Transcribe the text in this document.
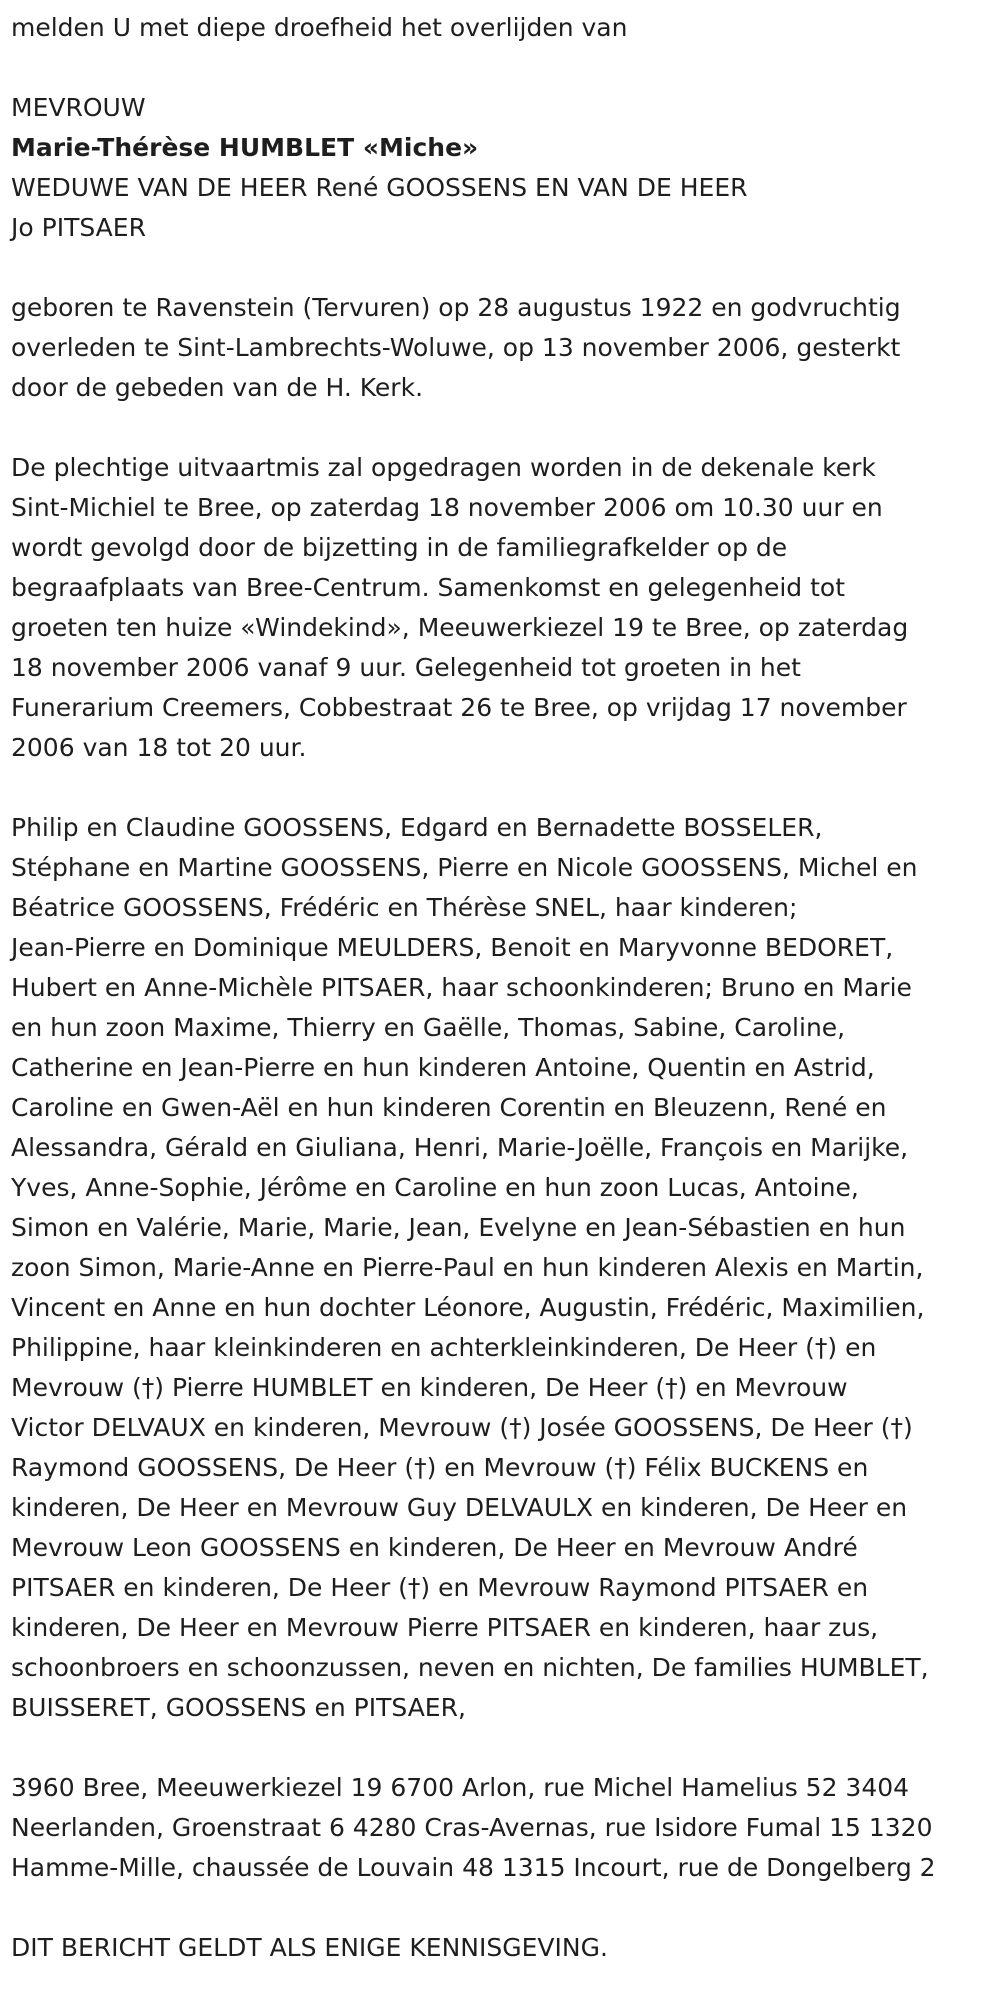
melden U met diepe droefheid het overlijden van
MEVROUW
Marie-Thérèse HUMBLET «Miche»
WEDUWE VAN DE HEER René GOOSSENS EN VAN DE HEER
Jo PITSAER
geboren te Ravenstein (Tervuren) op 28 augustus 1922 en godvruchtig
overleden te Sint-Lambrechts-Woluwe, op 13 november 2006, gesterkt
door de gebeden van de H. Kerk.
De plechtige uitvaartmis zal opgedragen worden in de dekenale kerk
Sint-Michiel te Bree, op zaterdag 18 november 2006 om 10.30 uur en
wordt gevolgd door de bijzetting in de familiegrafkelder op de
begraafplaats van Bree-Centrum. Samenkomst en gelegenheid tot
groeten ten huize «Windekind», Meeuwerkiezel 19 te Bree, op zaterdag
18 november 2006 vanaf 9 uur. Gelegenheid tot groeten in het
Funerarium Creemers, Cobbestraat 26 te Bree, op vrijdag 17 november
2006 van 18 tot 20 uur.
Philip en Claudine GOOSSENS, Edgard en Bernadette BOSSELER,
Stéphane en Martine GOOSSENS, Pierre en Nicole GOOSSENS, Michel en
Béatrice GOOSSENS, Frédéric en Thérèse SNEL, haar kinderen;
Jean-Pierre en Dominique MEULDERS, Benoit en Maryvonne BEDORET,
Hubert en Anne-Michèle PITSAER, haar schoonkinderen; Bruno en Marie
en hun zoon Maxime, Thierry en Gaëlle, Thomas, Sabine, Caroline,
Catherine en Jean-Pierre en hun kinderen Antoine, Quentin en Astrid,
Caroline en Gwen-Aël en hun kinderen Corentin en Bleuzenn, René en
Alessandra, Gérald en Giuliana, Henri, Marie-Joëlle, François en Marijke,
Yves, Anne-Sophie, Jérôme en Caroline en hun zoon Lucas, Antoine,
Simon en Valérie, Marie, Marie, Jean, Evelyne en Jean-Sébastien en hun
zoon Simon, Marie-Anne en Pierre-Paul en hun kinderen Alexis en Martin,
Vincent en Anne en hun dochter Léonore, Augustin, Frédéric, Maximilien,
Philippine, haar kleinkinderen en achterkleinkinderen, De Heer (†) en
Mevrouw (†) Pierre HUMBLET en kinderen, De Heer (†) en Mevrouw
Victor DELVAUX en kinderen, Mevrouw (†) Josée GOOSSENS, De Heer (†)
Raymond GOOSSENS, De Heer (†) en Mevrouw (†) Félix BUCKENS en
kinderen, De Heer en Mevrouw Guy DELVAULX en kinderen, De Heer en
Mevrouw Leon GOOSSENS en kinderen, De Heer en Mevrouw André
PITSAER en kinderen, De Heer (†) en Mevrouw Raymond PITSAER en
kinderen, De Heer en Mevrouw Pierre PITSAER en kinderen, haar zus,
schoonbroers en schoonzussen, neven en nichten, De families HUMBLET,
BUISSERET, GOOSSENS en PITSAER,
3960 Bree, Meeuwerkiezel 19 6700 Arlon, rue Michel Hamelius 52 3404
Neerlanden, Groenstraat 6 4280 Cras-Avernas, rue Isidore Fumal 15 1320
Hamme-Mille, chaussée de Louvain 48 1315 Incourt, rue de Dongelberg 2
DIT BERICHT GELDT ALS ENIGE KENNISGEVING.
